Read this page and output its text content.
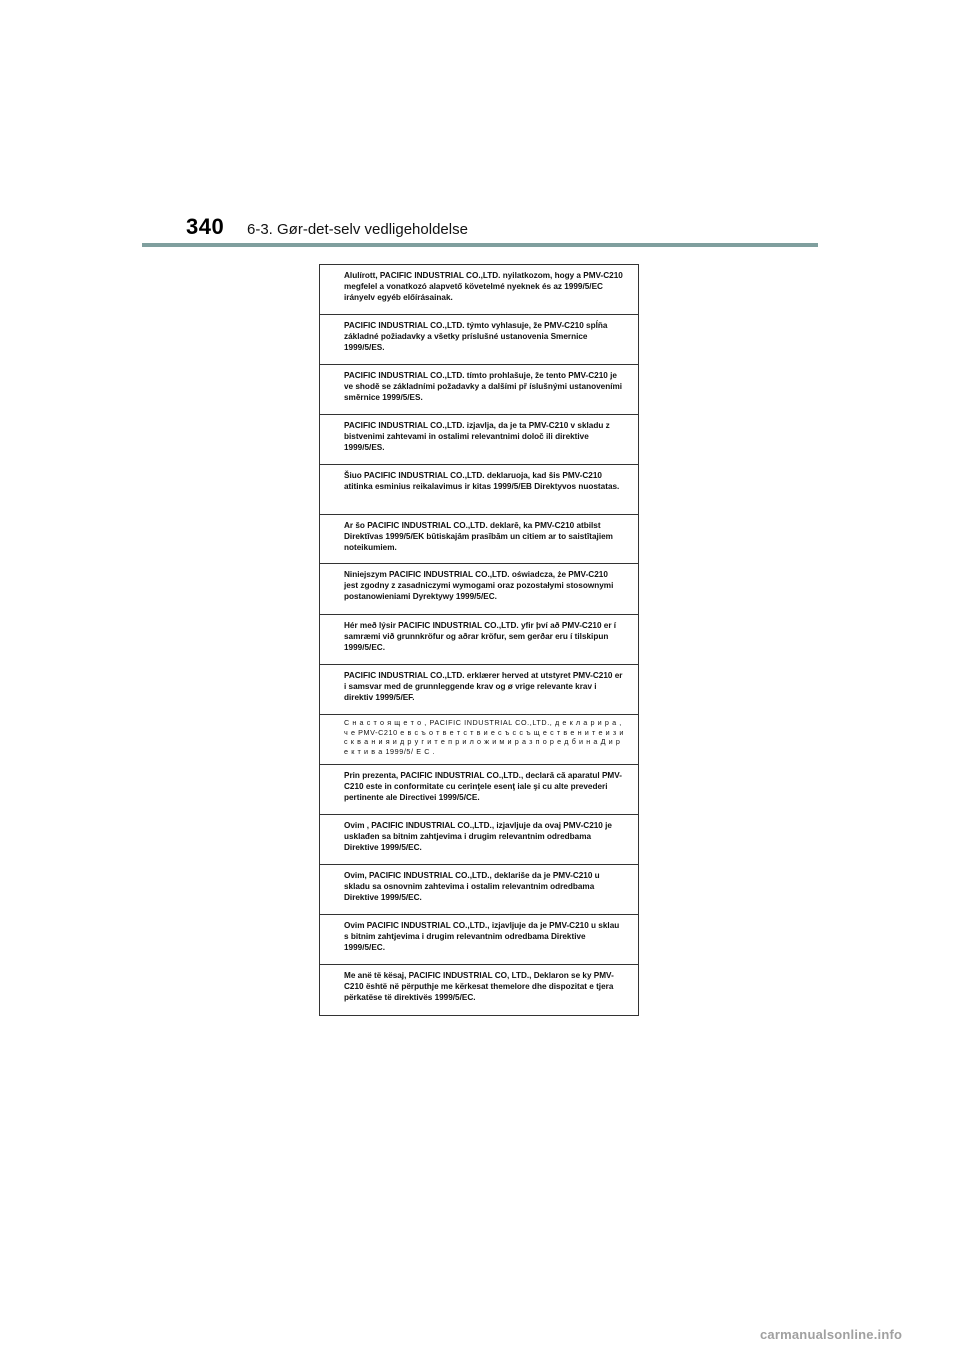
340 6-3. Gør-det-selv vedligeholdelse
Alulírott, PACIFIC INDUSTRIAL CO.,LTD. nyilatkozom, hogy a PMV-C210 megfelel a vonatkozó alapvető követelmé nyeknek és az 1999/5/EC irányelv egyéb előírásainak.
PACIFIC INDUSTRIAL CO.,LTD. týmto vyhlasuje, že PMV-C210 spĺňa základné požiadavky a všetky príslušné ustanovenia Smernice 1999/5/ES.
PACIFIC INDUSTRIAL CO.,LTD. tímto prohlašuje, že tento PMV-C210 je ve shodě se základními požadavky a dalšími př íslušnými ustanoveními směrnice 1999/5/ES.
PACIFIC INDUSTRIAL CO.,LTD. izjavlja, da je ta PMV-C210 v skladu z bistvenimi zahtevami in ostalimi relevantnimi določ ili direktive 1999/5/ES.
Šiuo PACIFIC INDUSTRIAL CO.,LTD. deklaruoja, kad šis PMV-C210 atitinka esminius reikalavimus ir kitas 1999/5/EB Direktyvos nuostatas.
Ar šo PACIFIC INDUSTRIAL CO.,LTD. deklarē, ka PMV-C210 atbilst Direktīvas 1999/5/EK būtiskajām prasībām un citiem ar to saistītajiem noteikumiem.
Niniejszym PACIFIC INDUSTRIAL CO.,LTD. oświadcza, że PMV-C210 jest zgodny z zasadniczymi wymogami oraz pozostałymi stosownymi postanowieniami Dyrektywy 1999/5/EC.
Hér með lýsir PACIFIC INDUSTRIAL CO.,LTD. yfir því að PMV-C210 er í samræmi við grunnkröfur og aðrar kröfur, sem gerðar eru í tilskipun 1999/5/EC.
PACIFIC INDUSTRIAL CO.,LTD. erklærer herved at utstyret PMV-C210 er i samsvar med de grunnleggende krav og ø vrige relevante krav i direktiv 1999/5/EF.
С н а с т о я щ е т о , PACIFIC INDUSTRIAL CO.,LTD., д е к л а р и р а , ч е PMV-C210 е в с ъ о т в е т с т в и е с ъ с с ъ щ е с т в е н и т е и з и с к в а н и я и д р у г и т е п р и л о ж и м и р а з п о р е д б и н а Д и р е к т и в а 1999/5/ Е С .
Prin prezenta, PACIFIC INDUSTRIAL CO.,LTD., declară că aparatul PMV-C210 este in conformitate cu cerinţele esenţ iale şi cu alte prevederi pertinente ale Directivei 1999/5/CE.
Ovim , PACIFIC INDUSTRIAL CO.,LTD., izjavljuje da ovaj PMV-C210 je usklađen sa bitnim zahtjevima i drugim relevantnim odredbama Direktive 1999/5/EC.
Ovim, PACIFIC INDUSTRIAL CO.,LTD., deklariše da je PMV-C210 u skladu sa osnovnim zahtevima i ostalim relevantnim odredbama Direktive 1999/5/EC.
Ovim PACIFIC INDUSTRIAL CO.,LTD., izjavljuje da je PMV-C210 u sklau s bitnim zahtjevima i drugim relevantnim odredbama Direktive 1999/5/EC.
Me anë të kësaj, PACIFIC INDUSTRIAL CO, LTD., Deklaron se ky PMV-C210 është në përputhje me kërkesat themelore dhe dispozitat e tjera përkatëse të direktivës 1999/5/EC.
carmanualsonline.info
